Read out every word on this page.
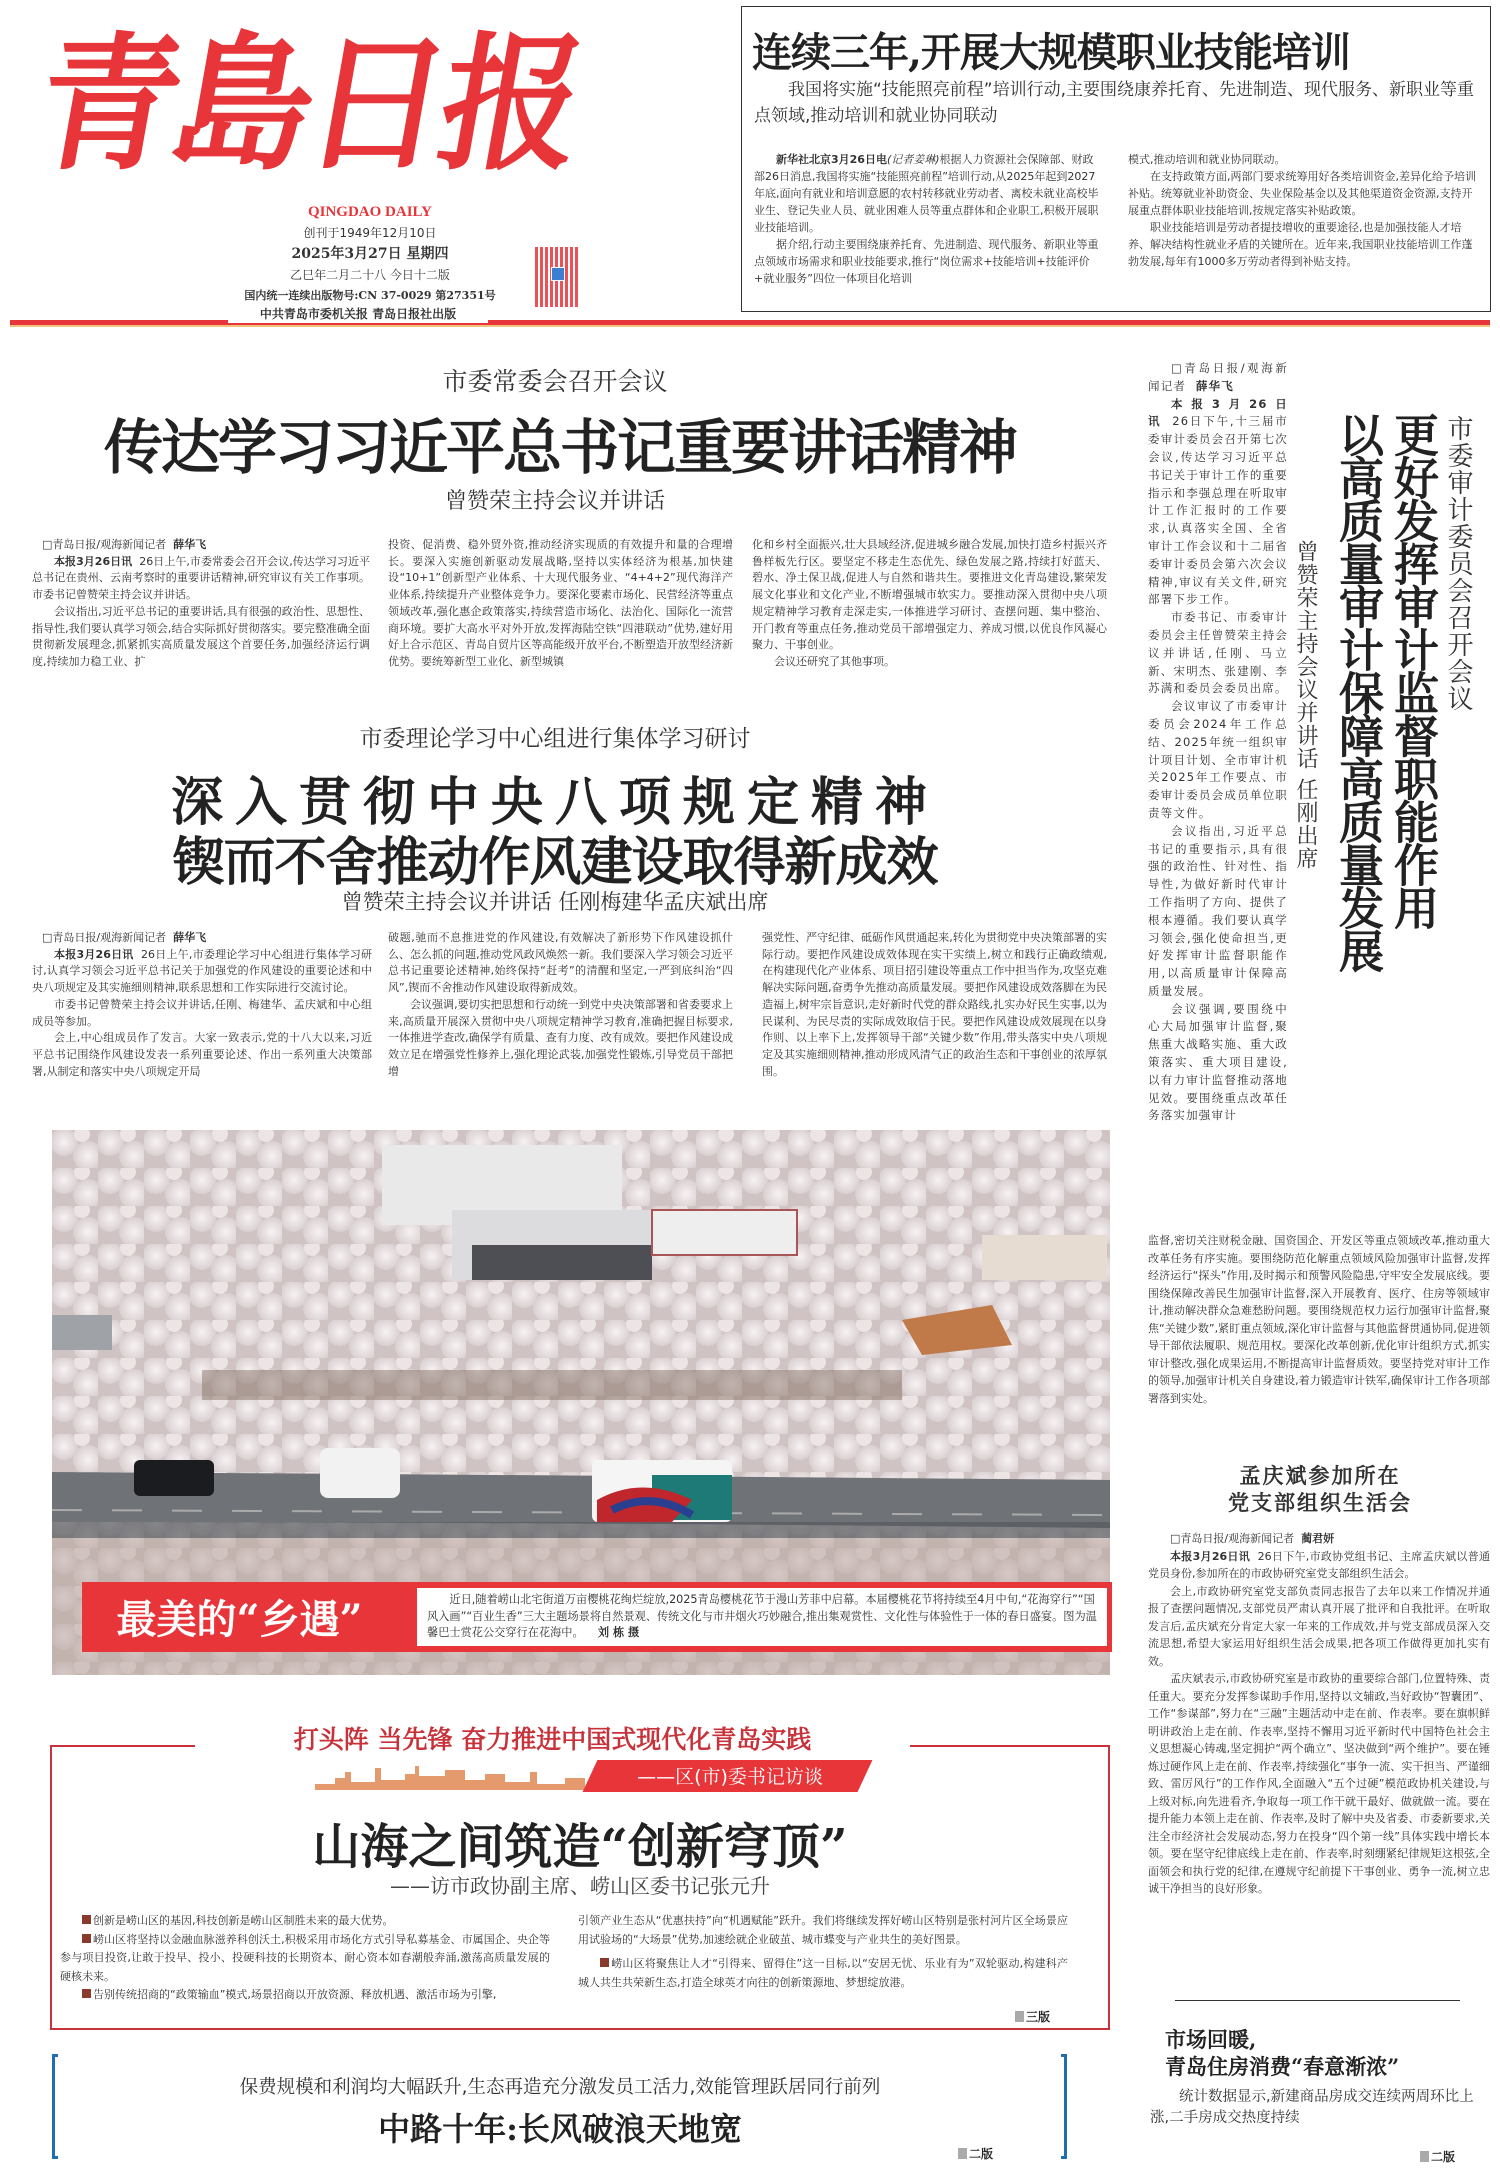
青島日报
QINGDAO DAILY
创刊于1949年12月10日
2025年3月27日 星期四
乙巳年二月二十八 今日十二版
国内统一连续出版物号:CN 37-0029 第27351号
中共青岛市委机关报 青岛日报社出版
连续三年,开展大规模职业技能培训

我国将实施“技能照亮前程”培训行动,主要围绕康养托育、先进制造、现代服务、新职业等重点领域,推动培训和就业协同联动

新华社北京3月26日电(记者姜琳)根据人力资源社会保障部、财政部26日消息,我国将实施“技能照亮前程”培训行动,从2025年起到2027年底,面向有就业和培训意愿的农村转移就业劳动者、离校未就业高校毕业生、登记失业人员、就业困难人员等重点群体和企业职工,积极开展职业技能培训。

据介绍,行动主要围绕康养托育、先进制造、现代服务、新职业等重点领域市场需求和职业技能要求,推行“岗位需求+技能培训+技能评价+就业服务”四位一体项目化培训

模式,推动培训和就业协同联动。

在支持政策方面,两部门要求统筹用好各类培训资金,差异化给予培训补贴。统筹就业补助资金、失业保险基金以及其他渠道资金资源,支持开展重点群体职业技能培训,按规定落实补贴政策。

职业技能培训是劳动者提技增收的重要途径,也是加强技能人才培养、解决结构性就业矛盾的关键所在。近年来,我国职业技能培训工作蓬勃发展,每年有1000多万劳动者得到补贴支持。

市委常委会召开会议
传达学习习近平总书记重要讲话精神
曾赞荣主持会议并讲话
□青岛日报/观海新闻记者 薛华飞

本报3月26日讯 26日上午,市委常委会召开会议,传达学习习近平总书记在贵州、云南考察时的重要讲话精神,研究审议有关工作事项。市委书记曾赞荣主持会议并讲话。

会议指出,习近平总书记的重要讲话,具有很强的政治性、思想性、指导性,我们要认真学习领会,结合实际抓好贯彻落实。要完整准确全面贯彻新发展理念,抓紧抓实高质量发展这个首要任务,加强经济运行调度,持续加力稳工业、扩

投资、促消费、稳外贸外资,推动经济实现质的有效提升和量的合理增长。要深入实施创新驱动发展战略,坚持以实体经济为根基,加快建设“10+1”创新型产业体系、十大现代服务业、“4+4+2”现代海洋产业体系,持续提升产业整体竞争力。要深化要素市场化、民营经济等重点领域改革,强化惠企政策落实,持续营造市场化、法治化、国际化一流营商环境。要扩大高水平对外开放,发挥海陆空铁“四港联动”优势,建好用好上合示范区、青岛自贸片区等高能级开放平台,不断塑造开放型经济新优势。要统筹新型工业化、新型城镇
化和乡村全面振兴,壮大县域经济,促进城乡融合发展,加快打造乡村振兴齐鲁样板先行区。要坚定不移走生态优先、绿色发展之路,持续打好蓝天、碧水、净土保卫战,促进人与自然和谐共生。要推进文化青岛建设,繁荣发展文化事业和文化产业,不断增强城市软实力。要推动深入贯彻中央八项规定精神学习教育走深走实,一体推进学习研讨、查摆问题、集中整治、开门教育等重点任务,推动党员干部增强定力、养成习惯,以优良作风凝心聚力、干事创业。

会议还研究了其他事项。

市委理论学习中心组进行集体学习研讨
深入贯彻中央八项规定精神
锲而不舍推动作风建设取得新成效
曾赞荣主持会议并讲话 任刚梅建华孟庆斌出席
□青岛日报/观海新闻记者 薛华飞

本报3月26日讯 26日上午,市委理论学习中心组进行集体学习研讨,认真学习领会习近平总书记关于加强党的作风建设的重要论述和中央八项规定及其实施细则精神,联系思想和工作实际进行交流讨论。

市委书记曾赞荣主持会议并讲话,任刚、梅建华、孟庆斌和中心组成员等参加。

会上,中心组成员作了发言。大家一致表示,党的十八大以来,习近平总书记围绕作风建设发表一系列重要论述、作出一系列重大决策部署,从制定和落实中央八项规定开局

破题,驰而不息推进党的作风建设,有效解决了新形势下作风建设抓什么、怎么抓的问题,推动党风政风焕然一新。我们要深入学习领会习近平总书记重要论述精神,始终保持“赶考”的清醒和坚定,一严到底纠治“四风”,锲而不舍推动作风建设取得新成效。

会议强调,要切实把思想和行动统一到党中央决策部署和省委要求上来,高质量开展深入贯彻中央八项规定精神学习教育,准确把握目标要求,一体推进学查改,确保学有质量、查有力度、改有成效。要把作风建设成效立足在增强党性修养上,强化理论武装,加强党性锻炼,引导党员干部把增

强党性、严守纪律、砥砺作风贯通起来,转化为贯彻党中央决策部署的实际行动。要把作风建设成效体现在实干实绩上,树立和践行正确政绩观,在构建现代化产业体系、项目招引建设等重点工作中担当作为,攻坚克难解决实际问题,奋勇争先推动高质量发展。要把作风建设成效落脚在为民造福上,树牢宗旨意识,走好新时代党的群众路线,扎实办好民生实事,以为民谋利、为民尽责的实际成效取信于民。要把作风建设成效展现在以身作则、以上率下上,发挥领导干部“关键少数”作用,带头落实中央八项规定及其实施细则精神,推动形成风清气正的政治生态和干事创业的浓厚氛围。
最美的“乡遇”	近日,随着崂山北宅街道万亩樱桃花绚烂绽放,2025青岛樱桃花节于漫山芳菲中启幕。本届樱桃花节将持续至4月中旬,“花海穿行”“国风入画”“百业生香”三大主题场景将自然景观、传统文化与市井烟火巧妙融合,推出集观赏性、文化性与体验性于一体的春日盛宴。图为温馨巴士赏花公交穿行在花海中。 刘 栋 摄

打头阵 当先锋 奋力推进中国式现代化青岛实践
——区(市)委书记访谈
山海之间筑造“创新穹顶”
——访市政协副主席、崂山区委书记张元升

创新是崂山区的基因,科技创新是崂山区制胜未来的最大优势。

崂山区将坚持以金融血脉滋养科创沃土,积极采用市场化方式引导私募基金、市属国企、央企等参与项目投资,让敢于投早、投小、投硬科技的长期资本、耐心资本如春潮般奔涌,激荡高质量发展的硬核未来。

告别传统招商的“政策输血”模式,场景招商以开放资源、释放机遇、激活市场为引擎,

引领产业生态从“优惠扶持”向“机遇赋能”跃升。我们将继续发挥好崂山区特别是张村河片区全场景应用试验场的“大场景”优势,加速绘就企业破茧、城市蝶变与产业共生的美好图景。

崂山区将聚焦让人才“引得来、留得住”这一目标,以“安居无忧、乐业有为”双轮驱动,构建科产城人共生共荣新生态,打造全球英才向往的创新策源地、梦想绽放港。

三版
保费规模和利润均大幅跃升,生态再造充分激发员工活力,效能管理跃居同行前列
中路十年:长风破浪天地宽
二版
市委审计委员会召开会议
更好发挥审计监督职能作用
以高质量审计保障高质量发展
曾赞荣主持会议并讲话 任刚出席
□青岛日报/观海新闻记者 薛华飞

本报3月26日讯 26日下午,十三届市委审计委员会召开第七次会议,传达学习习近平总书记关于审计工作的重要指示和李强总理在听取审计工作汇报时的工作要求,认真落实全国、全省审计工作会议和十二届省委审计委员会第六次会议精神,审议有关文件,研究部署下步工作。

市委书记、市委审计委员会主任曾赞荣主持会议并讲话,任刚、马立新、宋明杰、张建刚、李苏满和委员会委员出席。

会议审议了市委审计委员会2024年工作总结、2025年统一组织审计项目计划、全市审计机关2025年工作要点、市委审计委员会成员单位职责等文件。

会议指出,习近平总书记的重要指示,具有很强的政治性、针对性、指导性,为做好新时代审计工作指明了方向、提供了根本遵循。我们要认真学习领会,强化使命担当,更好发挥审计监督职能作用,以高质量审计保障高质量发展。

会议强调,要围绕中心大局加强审计监督,聚焦重大战略实施、重大政策落实、重大项目建设,以有力审计监督推动落地见效。要围绕重点改革任务落实加强审计

监督,密切关注财税金融、国资国企、开发区等重点领域改革,推动重大改革任务有序实施。要围绕防范化解重点领域风险加强审计监督,发挥经济运行“探头”作用,及时揭示和预警风险隐患,守牢安全发展底线。要围绕保障改善民生加强审计监督,深入开展教育、医疗、住房等领域审计,推动解决群众急难愁盼问题。要围绕规范权力运行加强审计监督,聚焦“关键少数”,紧盯重点领域,深化审计监督与其他监督贯通协同,促进领导干部依法履职、规范用权。要深化改革创新,优化审计组织方式,抓实审计整改,强化成果运用,不断提高审计监督质效。要坚持党对审计工作的领导,加强审计机关自身建设,着力锻造审计铁军,确保审计工作各项部署落到实处。
孟庆斌参加所在
党支部组织生活会
□青岛日报/观海新闻记者 蔺君妍

本报3月26日讯 26日下午,市政协党组书记、主席孟庆斌以普通党员身份,参加所在的市政协研究室党支部组织生活会。

会上,市政协研究室党支部负责同志报告了去年以来工作情况并通报了查摆问题情况,支部党员严肃认真开展了批评和自我批评。在听取发言后,孟庆斌充分肯定大家一年来的工作成效,并与党支部成员深入交流思想,希望大家运用好组织生活会成果,把各项工作做得更加扎实有效。

孟庆斌表示,市政协研究室是市政协的重要综合部门,位置特殊、责任重大。要充分发挥参谋助手作用,坚持以文辅政,当好政协“智囊团”、工作“参谋部”,努力在“三融”主题活动中走在前、作表率。要在旗帜鲜明讲政治上走在前、作表率,坚持不懈用习近平新时代中国特色社会主义思想凝心铸魂,坚定拥护“两个确立”、坚决做到“两个维护”。要在锤炼过硬作风上走在前、作表率,持续强化“事争一流、实干担当、严谨细致、雷厉风行”的工作作风,全面融入“五个过硬”模范政协机关建设,与上级对标,向先进看齐,争取每一项工作干就干最好、做就做一流。要在提升能力本领上走在前、作表率,及时了解中央及省委、市委新要求,关注全市经济社会发展动态,努力在投身“四个第一线”具体实践中增长本领。要在坚守纪律底线上走在前、作表率,时刻绷紧纪律规矩这根弦,全面领会和执行党的纪律,在遵规守纪前提下干事创业、勇争一流,树立忠诚干净担当的良好形象。

市场回暖,
青岛住房消费“春意渐浓”

统计数据显示,新建商品房成交连续两周环比上涨,二手房成交热度持续

二版
